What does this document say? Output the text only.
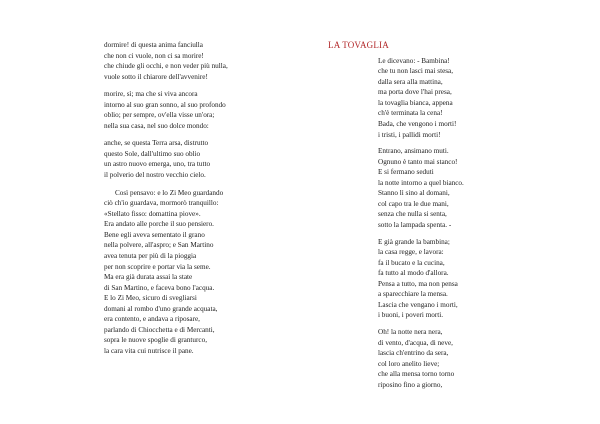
dormire! di questa anima fanciulla
che non ci vuole, non ci sa morire!
che chiude gli occhi, e non veder più nulla,
vuole sotto il chiarore dell'avvenire!
morire, sì; ma che si viva ancora
intorno al suo gran sonno, al suo profondo
oblio; per sempre, ov'ella visse un'ora;
nella sua casa, nel suo dolce mondo:
anche, se questa Terra arsa, distrutto
questo Sole, dall'ultimo suo oblio
un astro nuovo emerga, uno, tra tutto
il polverio del nostro vecchio cielo.
Così pensavo: e lo Zi Meo guardando
ciò ch'io guardava, mormorò tranquillo:
«Stellato fisso: domattina piove».
Era andato alle porche il suo pensiero.
Bene egli aveva sementato il grano
nella polvere, all'aspro; e San Martino
avea tenuta per più di la pioggia
per non scoprire e portar via la seme.
Ma era già durata assai la state
di San Martino, e faceva bono l'acqua.
E lo Zi Meo, sicuro di svegliarsi
domani al rombo d'uno grande acquata,
era contento, e andava a riposare,
parlando di Chiocchetta e di Mercanti,
sopra le nuove spoglie di granturco,
la cara vita cui nutrisce il pane.
LA TOVAGLIA
Le dicevano: - Bambina!
che tu non lasci mai stesa,
dalla sera alla mattina,
ma porta dove l'hai presa,
la tovaglia bianca, appena
ch'è terminata la cena!
Bada, che vengono i morti!
i tristi, i pallidi morti!
Entrano, ansimano muti.
Ognuno è tanto mai stanco!
E si fermano seduti
la notte intorno a quel bianco.
Stanno lì sino al domani,
col capo tra le due mani,
senza che nulla si senta,
sotto la lampada spenta. -
E già grande la bambina;
la casa regge, e lavora:
fa il bucato e la cucina,
fa tutto al modo d'allora.
Pensa a tutto, ma non pensa
a sparecchiare la mensa.
Lascia che vengano i morti,
i buoni, i poveri morti.
Oh! la notte nera nera,
di vento, d'acqua, di neve,
lascia ch'entrino da sera,
col loro anelito lieve;
che alla mensa torno torno
riposino fino a giorno,
